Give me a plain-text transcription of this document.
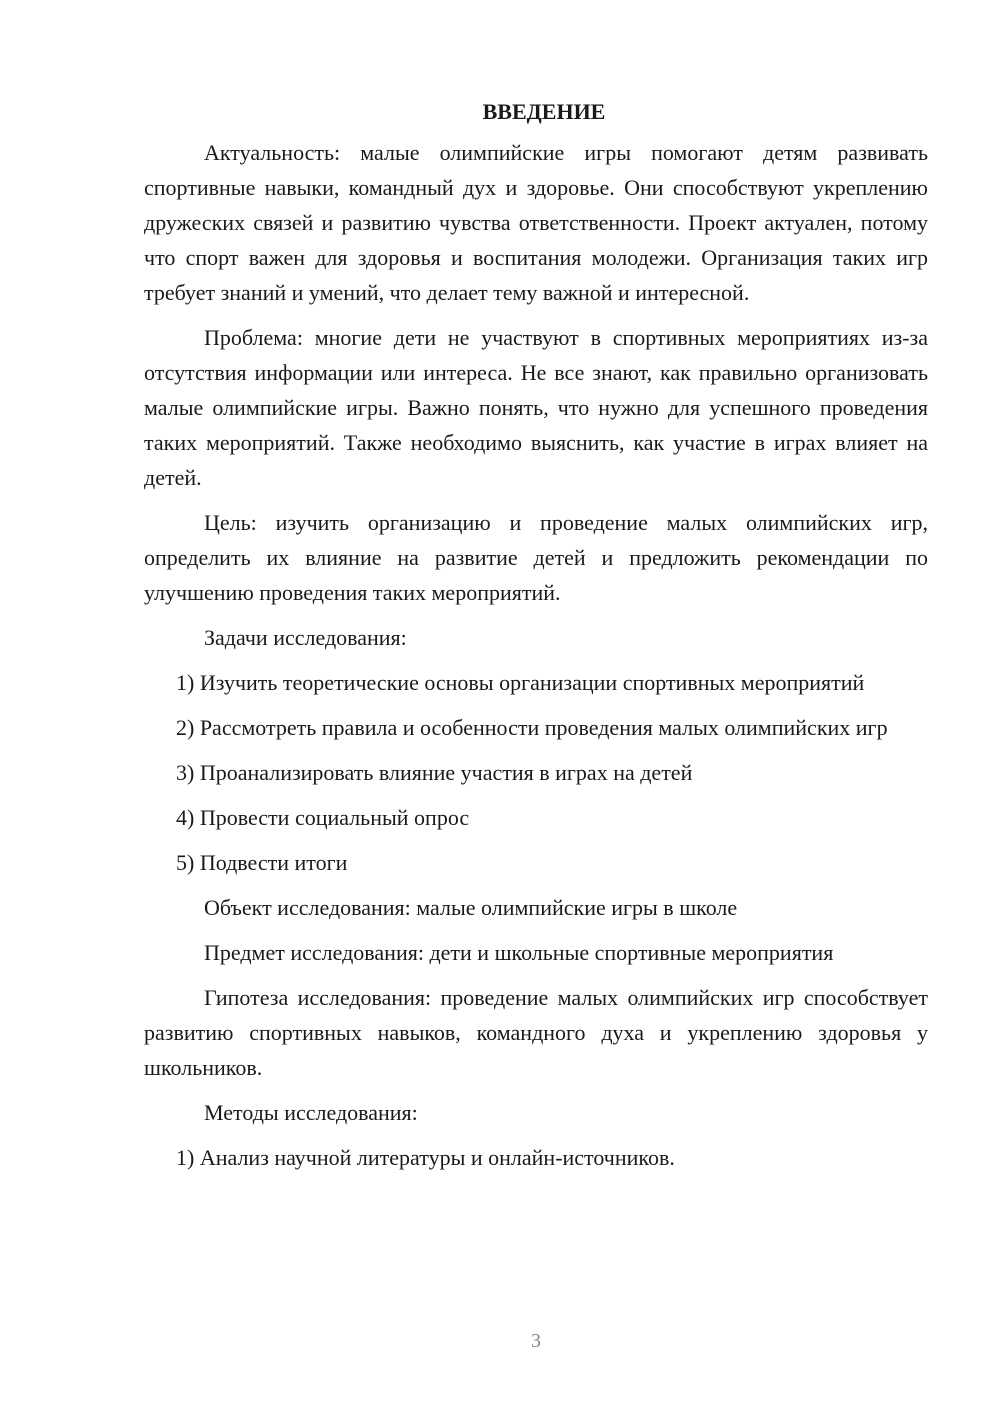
ВВЕДЕНИЕ

Актуальность: малые олимпийские игры помогают детям развивать спортивные навыки, командный дух и здоровье. Они способствуют укреплению дружеских связей и развитию чувства ответственности. Проект актуален, потому что спорт важен для здоровья и воспитания молодежи. Организация таких игр требует знаний и умений, что делает тему важной и интересной.

Проблема: многие дети не участвуют в спортивных мероприятиях из-за отсутствия информации или интереса. Не все знают, как правильно организовать малые олимпийские игры. Важно понять, что нужно для успешного проведения таких мероприятий. Также необходимо выяснить, как участие в играх влияет на детей.

Цель: изучить организацию и проведение малых олимпийских игр, определить их влияние на развитие детей и предложить рекомендации по улучшению проведения таких мероприятий.

Задачи исследования:

1) Изучить теоретические основы организации спортивных мероприятий

2) Рассмотреть правила и особенности проведения малых олимпийских игр

3) Проанализировать влияние участия в играх на детей

4) Провести социальный опрос

5) Подвести итоги

Объект исследования: малые олимпийские игры в школе

Предмет исследования: дети и школьные спортивные мероприятия

Гипотеза исследования: проведение малых олимпийских игр способствует развитию спортивных навыков, командного духа и укреплению здоровья у школьников.

Методы исследования:

1) Анализ научной литературы и онлайн-источников.

3
